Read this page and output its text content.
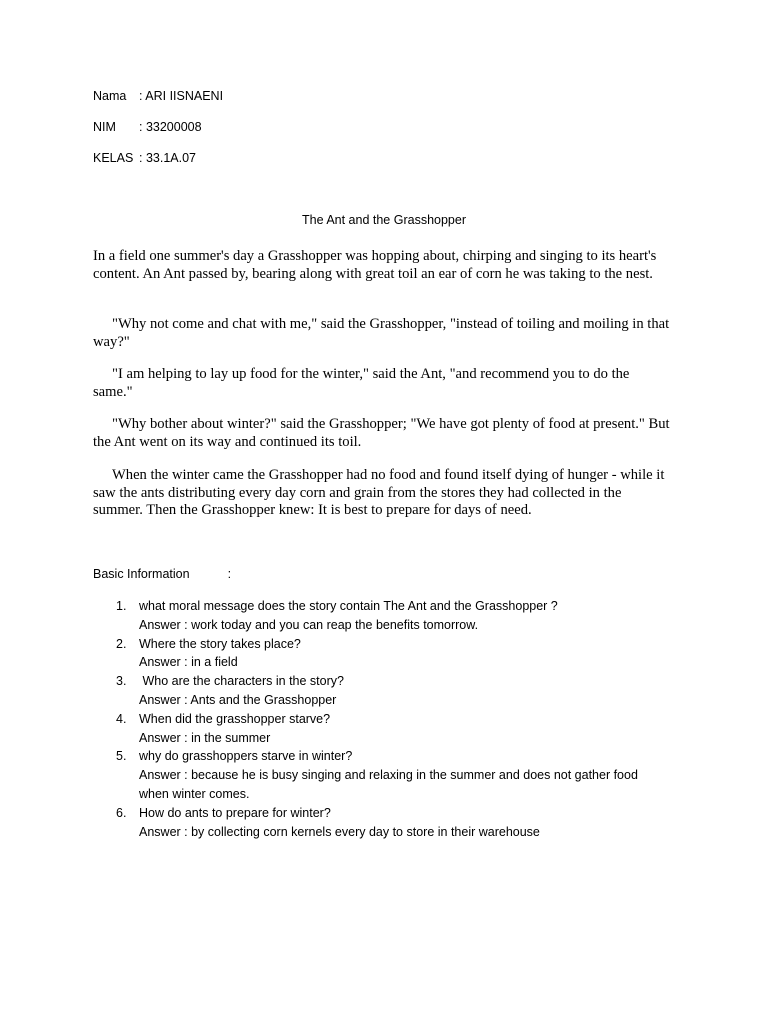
Nama : ARI IISNAENI
NIM : 33200008
KELAS : 33.1A.07
The Ant and the Grasshopper

In a field one summer's day a Grasshopper was hopping about, chirping and singing to its heart's content. An Ant passed by, bearing along with great toil an ear of corn he was taking to the nest.

"Why not come and chat with me," said the Grasshopper, "instead of toiling and moiling in that way?"

"I am helping to lay up food for the winter," said the Ant, "and recommend you to do the same."

"Why bother about winter?" said the Grasshopper; "We have got plenty of food at present." But the Ant went on its way and continued its toil.

When the winter came the Grasshopper had no food and found itself dying of hunger - while it saw the ants distributing every day corn and grain from the stores they had collected in the summer. Then the Grasshopper knew: It is best to prepare for days of need.

Basic Information	:
1. what moral message does the story contain The Ant and the Grasshopper ?
Answer : work today and you can reap the benefits tomorrow.
2. Where the story takes place?
Answer : in a field
3. Who are the characters in the story?
Answer : Ants and the Grasshopper
4. When did the grasshopper starve?
Answer : in the summer
5. why do grasshoppers starve in winter?
Answer : because he is busy singing and relaxing in the summer and does not gather food when winter comes.
6. How do ants to prepare for winter?
Answer : by collecting corn kernels every day to store in their warehouse
